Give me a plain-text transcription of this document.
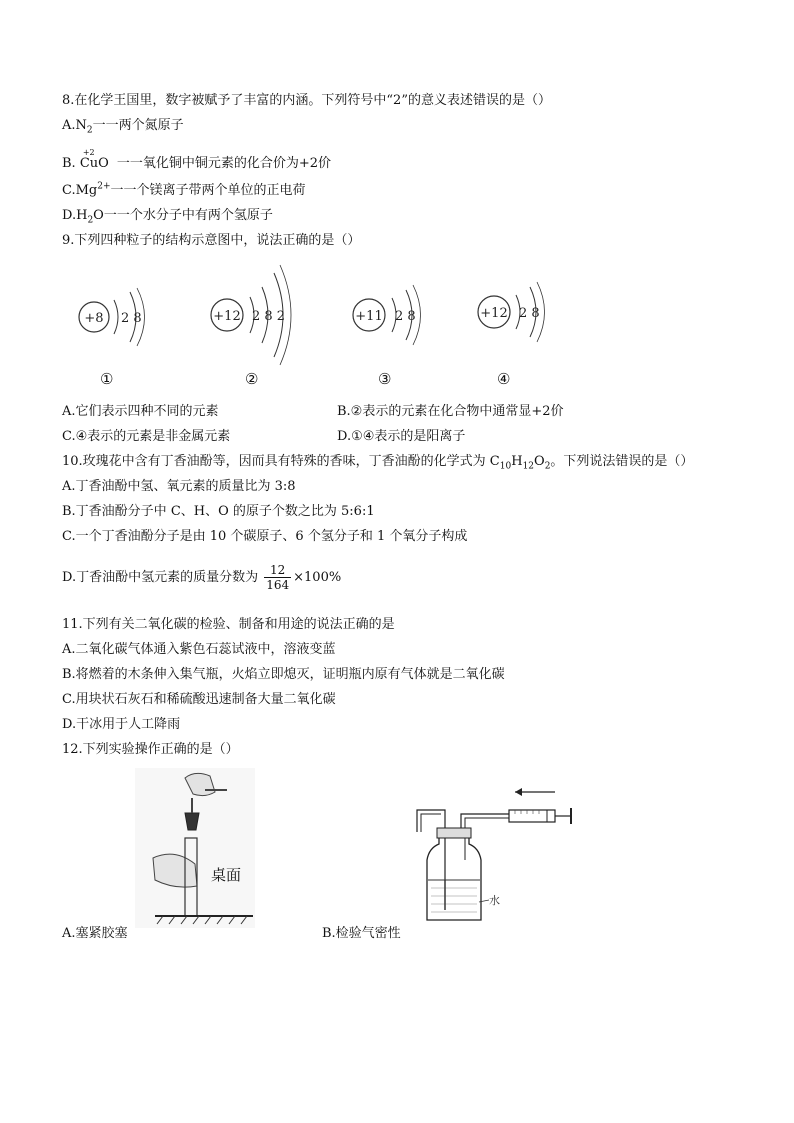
8.在化学王国里，数字被赋予了丰富的内涵。下列符号中“2”的意义表述错误的是（）
$A.N_2$一一两个氮原子
B.
+2
CuO 一一氧化铜中铜元素的化合价为+2价
$C.Mg^{2+}$一一个镁离子带两个单位的正电荷
$D.H_2O$一一个水分子中有两个氢原子
9.下列四种粒子的结构示意图中，说法正确的是（）
+8 2 8
①
+12 2 8 2
②
+11 2 8
③
+12 2 8
④
A.它们表示四种不同的元素	B.②表示的元素在化合物中通常显+2价
C.④表示的元素是非金属元素	D.①④表示的是阳离子
10.玫瑰花中含有丁香油酚等，因而具有特殊的香味，丁香油酚的化学式为 $C_{10}H_{12}O_2$。下列说法错误的是（）
A.丁香油酚中氢、氧元素的质量比为 3:8
B.丁香油酚分子中 C、H、O 的原子个数之比为 5:6:1
C.一个丁香油酚分子是由 10 个碳原子、6 个氢分子和 1 个氧分子构成
D.丁香油酚中氢元素的质量分数为 $\frac{12}{164} \times 100\%$
11.下列有关二氧化碳的检验、制备和用途的说法正确的是
A.二氧化碳气体通入紫色石蕊试液中，溶液变蓝
B.将燃着的木条伸入集气瓶，火焰立即熄灭，证明瓶内原有气体就是二氧化碳
C.用块状石灰石和稀硫酸迅速制备大量二氧化碳
D.干冰用于人工降雨
12.下列实验操作正确的是（）
桌面
A.塞紧胶塞
水
B.检验气密性
